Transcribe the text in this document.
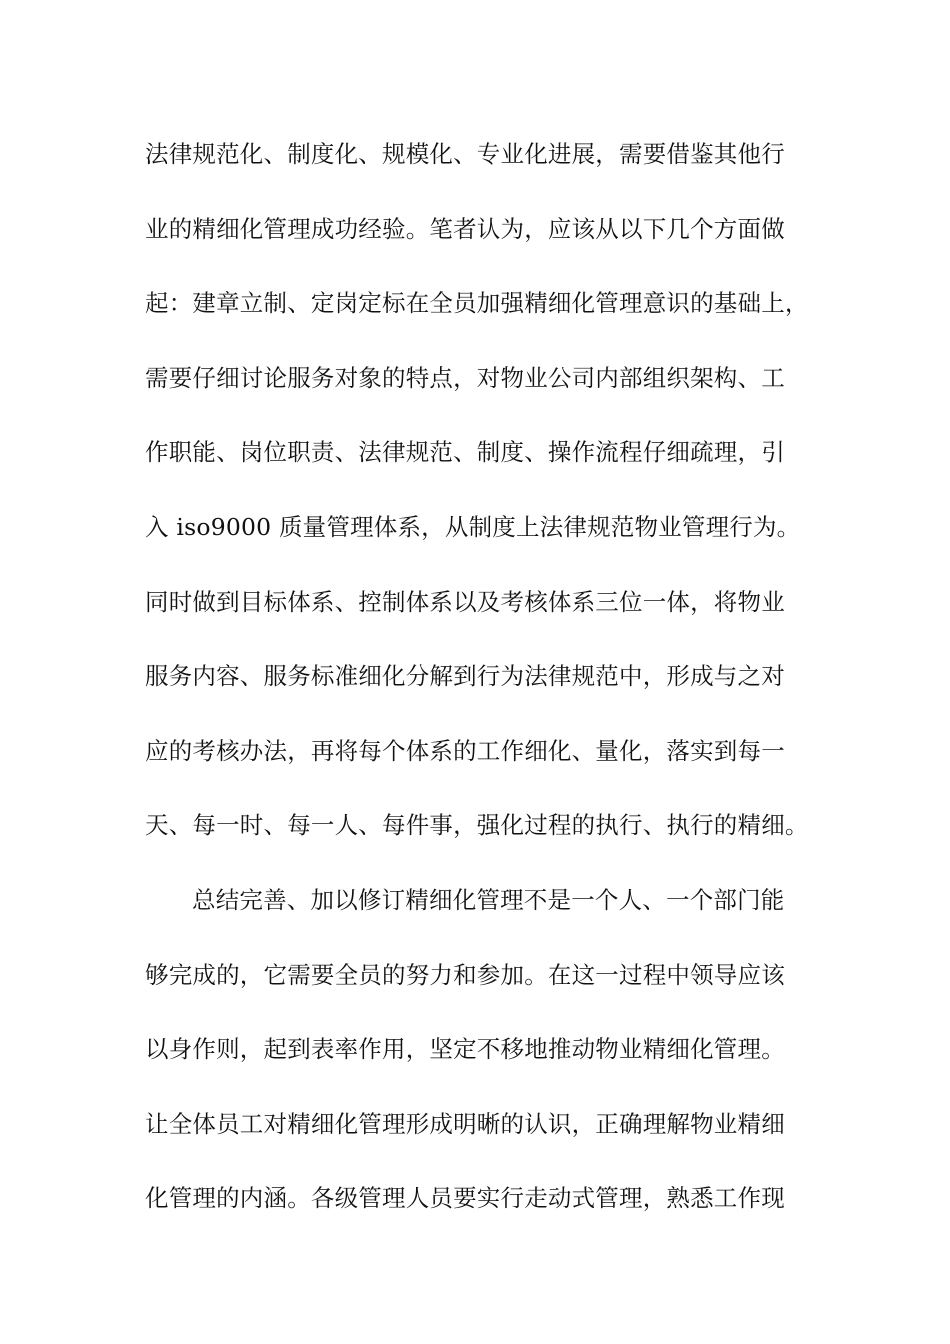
法律规范化、制度化、规模化、专业化进展，需要借鉴其他行
业的精细化管理成功经验。笔者认为，应该从以下几个方面做
起：建章立制、定岗定标在全员加强精细化管理意识的基础上，
需要仔细讨论服务对象的特点，对物业公司内部组织架构、工
作职能、岗位职责、法律规范、制度、操作流程仔细疏理，引
入 iso9000 质量管理体系，从制度上法律规范物业管理行为。
同时做到目标体系、控制体系以及考核体系三位一体，将物业
服务内容、服务标准细化分解到行为法律规范中，形成与之对
应的考核办法，再将每个体系的工作细化、量化，落实到每一
天、每一时、每一人、每件事，强化过程的执行、执行的精细。
总结完善、加以修订精细化管理不是一个人、一个部门能
够完成的，它需要全员的努力和参加。在这一过程中领导应该
以身作则，起到表率作用，坚定不移地推动物业精细化管理。
让全体员工对精细化管理形成明晰的认识，正确理解物业精细
化管理的内涵。各级管理人员要实行走动式管理，熟悉工作现
